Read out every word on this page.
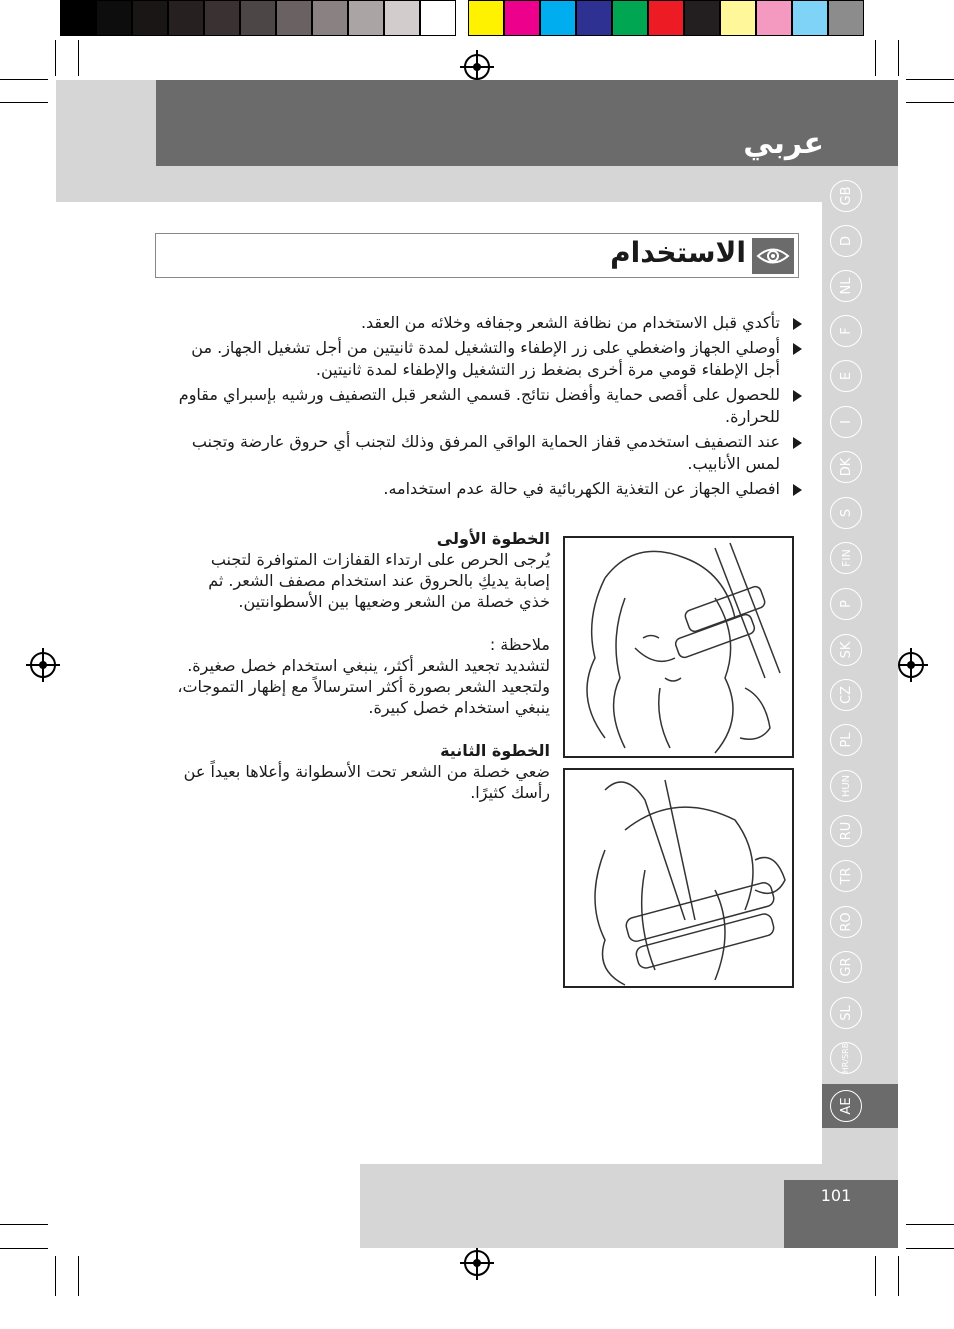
عربي
101
GB
D
NL
F
E
I
DK
S
FIN
P
SK
CZ
PL
HUN
RU
TR
RO
GR
SL
HR/SRB
AE
الاستخدام
تأكدي قبل الاستخدام من نظافة الشعر وجفافه وخلائه من العقد.
أوصلي الجهاز واضغطي على زر الإطفاء والتشغيل لمدة ثانيتين من أجل تشغيل الجهاز. من أجل الإطفاء قومي مرة أخرى بضغط زر التشغيل والإطفاء لمدة ثانيتين.
للحصول على أقصى حماية وأفضل نتائج. قسمي الشعر قبل التصفيف ورشيه بإسبراي مقاوم للحرارة.
عند التصفيف استخدمي قفاز الحماية الواقي المرفق وذلك لتجنب أي حروق عارضة وتجنب لمس الأنابيب.
افصلي الجهاز عن التغذية الكهربائية في حالة عدم استخدامه.
الخطوة الأولى

يُرجى الحرص على ارتداء القفازات المتوافرة لتجنب إصابة يديكِ بالحروق عند استخدام مصفف الشعر. ثم خذي خصلة من الشعر وضعيها بين الأسطوانتين.

ملاحظة :

لتشديد تجعيد الشعر أكثر، ينبغي استخدام خصل صغيرة. ولتجعيد الشعر بصورة أكثر استرسالاً مع إظهار التموجات، ينبغي استخدام خصل كبيرة.

الخطوة الثانية

ضعي خصلة من الشعر تحت الأسطوانة وأعلاها بعيداً عن رأسك كثيرًا.
